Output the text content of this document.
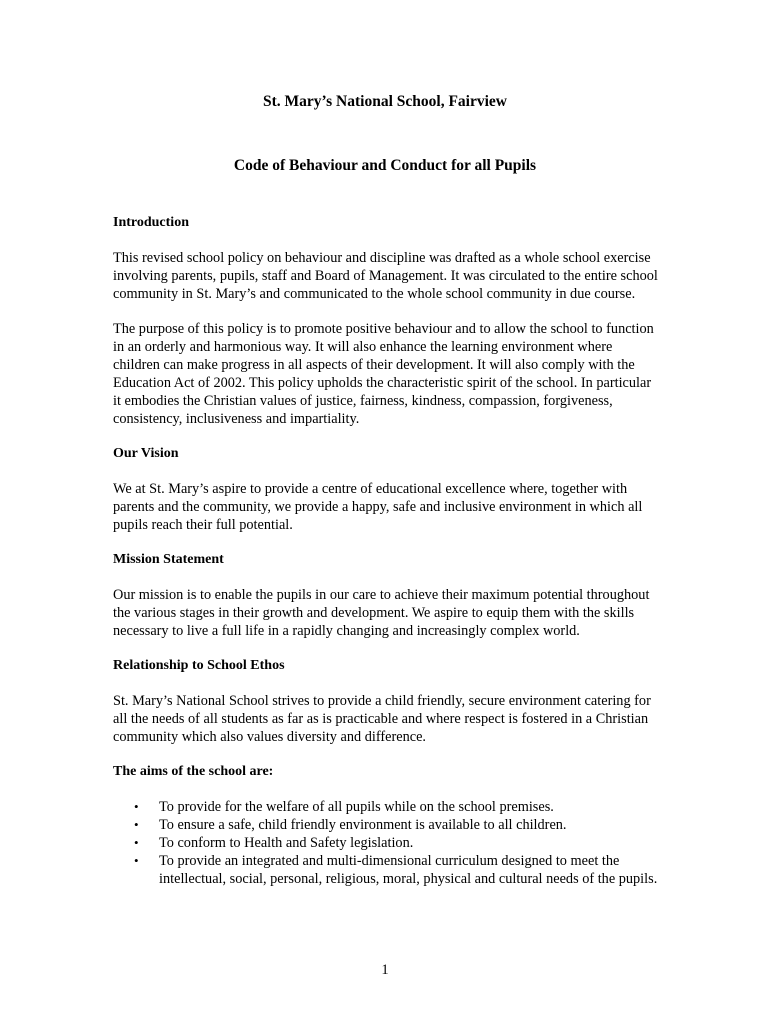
St. Mary’s National School, Fairview
Code of Behaviour and Conduct for all Pupils
Introduction

This revised school policy on behaviour and discipline was drafted as a whole school exercise involving parents, pupils, staff and Board of Management. It was circulated to the entire school community in St. Mary’s and communicated to the whole school community in due course.

The purpose of this policy is to promote positive behaviour and to allow the school to function in an orderly and harmonious way. It will also enhance the learning environment where children can make progress in all aspects of their development. It will also comply with the Education Act of 2002. This policy upholds the characteristic spirit of the school. In particular it embodies the Christian values of justice, fairness, kindness, compassion, forgiveness, consistency, inclusiveness and impartiality.

Our Vision

We at St. Mary’s aspire to provide a centre of educational excellence where, together with parents and the community, we provide a happy, safe and inclusive environment in which all pupils reach their full potential.

Mission Statement

Our mission is to enable the pupils in our care to achieve their maximum potential throughout the various stages in their growth and development. We aspire to equip them with the skills necessary to live a full life in a rapidly changing and increasingly complex world.

Relationship to School Ethos

St. Mary’s National School strives to provide a child friendly, secure environment catering for all the needs of all students as far as is practicable and where respect is fostered in a Christian community which also values diversity and difference.

The aims of the school are:
• To provide for the welfare of all pupils while on the school premises.
• To ensure a safe, child friendly environment is available to all children.
• To conform to Health and Safety legislation.
• To provide an integrated and multi-dimensional curriculum designed to meet the intellectual, social, personal, religious, moral, physical and cultural needs of the pupils.

1
